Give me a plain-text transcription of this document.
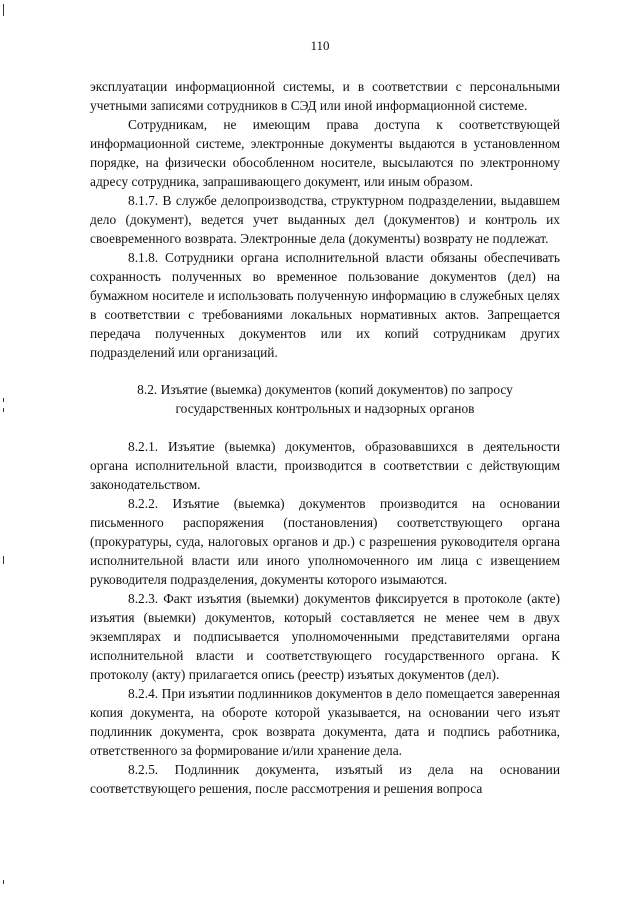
110

эксплуатации информационной системы, и в соответствии с персональными учетными записями сотрудников в СЭД или иной информационной системе.

Сотрудникам, не имеющим права доступа к соответствующей информационной системе, электронные документы выдаются в установленном порядке, на физически обособленном носителе, высылаются по электронному адресу сотрудника, запрашивающего документ, или иным образом.

8.1.7. В службе делопроизводства, структурном подразделении, выдавшем дело (документ), ведется учет выданных дел (документов) и контроль их своевременного возврата. Электронные дела (документы) возврату не подлежат.

8.1.8. Сотрудники органа исполнительной власти обязаны обеспечивать сохранность полученных во временное пользование документов (дел) на бумажном носителе и использовать полученную информацию в служебных целях в соответствии с требованиями локальных нормативных актов. Запрещается передача полученных документов или их копий сотрудникам других подразделений или организаций.

8.2. Изъятие (выемка) документов (копий документов) по запросу
государственных контрольных и надзорных органов

8.2.1. Изъятие (выемка) документов, образовавшихся в деятельности органа исполнительной власти, производится в соответствии с действующим законодательством.

8.2.2. Изъятие (выемка) документов производится на основании письменного распоряжения (постановления) соответствующего органа (прокуратуры, суда, налоговых органов и др.) с разрешения руководителя органа исполнительной власти или иного уполномоченного им лица с извещением руководителя подразделения, документы которого изымаются.

8.2.3. Факт изъятия (выемки) документов фиксируется в протоколе (акте) изъятия (выемки) документов, который составляется не менее чем в двух экземплярах и подписывается уполномоченными представителями органа исполнительной власти и соответствующего государственного органа. К протоколу (акту) прилагается опись (реестр) изъятых документов (дел).

8.2.4. При изъятии подлинников документов в дело помещается заверенная копия документа, на обороте которой указывается, на основании чего изъят подлинник документа, срок возврата документа, дата и подпись работника, ответственного за формирование и/или хранение дела.

8.2.5. Подлинник документа, изъятый из дела на основании соответствующего решения, после рассмотрения и решения вопроса
